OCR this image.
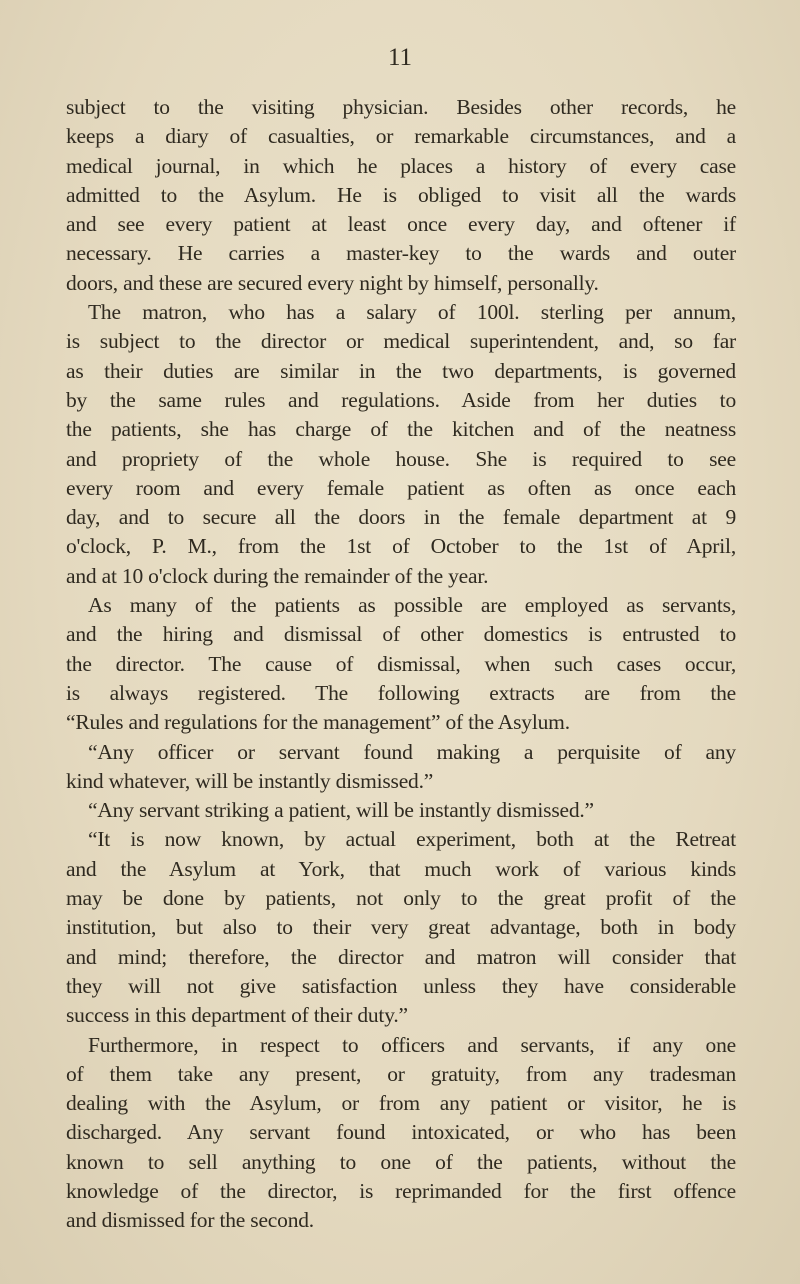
11
subject to the visiting physician. Besides other records, he
keeps a diary of casualties, or remarkable circumstances, and a
medical journal, in which he places a history of every case
admitted to the Asylum. He is obliged to visit all the wards
and see every patient at least once every day, and oftener if
necessary. He carries a master-key to the wards and outer
doors, and these are secured every night by himself, personally.
The matron, who has a salary of 100l. sterling per annum,
is subject to the director or medical superintendent, and, so far
as their duties are similar in the two departments, is governed
by the same rules and regulations. Aside from her duties to
the patients, she has charge of the kitchen and of the neatness
and propriety of the whole house. She is required to see
every room and every female patient as often as once each
day, and to secure all the doors in the female department at 9
o'clock, P. M., from the 1st of October to the 1st of April,
and at 10 o'clock during the remainder of the year.
As many of the patients as possible are employed as servants,
and the hiring and dismissal of other domestics is entrusted to
the director. The cause of dismissal, when such cases occur,
is always registered. The following extracts are from the
“Rules and regulations for the management” of the Asylum.
“Any officer or servant found making a perquisite of any
kind whatever, will be instantly dismissed.”
“Any servant striking a patient, will be instantly dismissed.”
“It is now known, by actual experiment, both at the Retreat
and the Asylum at York, that much work of various kinds
may be done by patients, not only to the great profit of the
institution, but also to their very great advantage, both in body
and mind; therefore, the director and matron will consider that
they will not give satisfaction unless they have considerable
success in this department of their duty.”
Furthermore, in respect to officers and servants, if any one
of them take any present, or gratuity, from any tradesman
dealing with the Asylum, or from any patient or visitor, he is
discharged. Any servant found intoxicated, or who has been
known to sell anything to one of the patients, without the
knowledge of the director, is reprimanded for the first offence
and dismissed for the second.
